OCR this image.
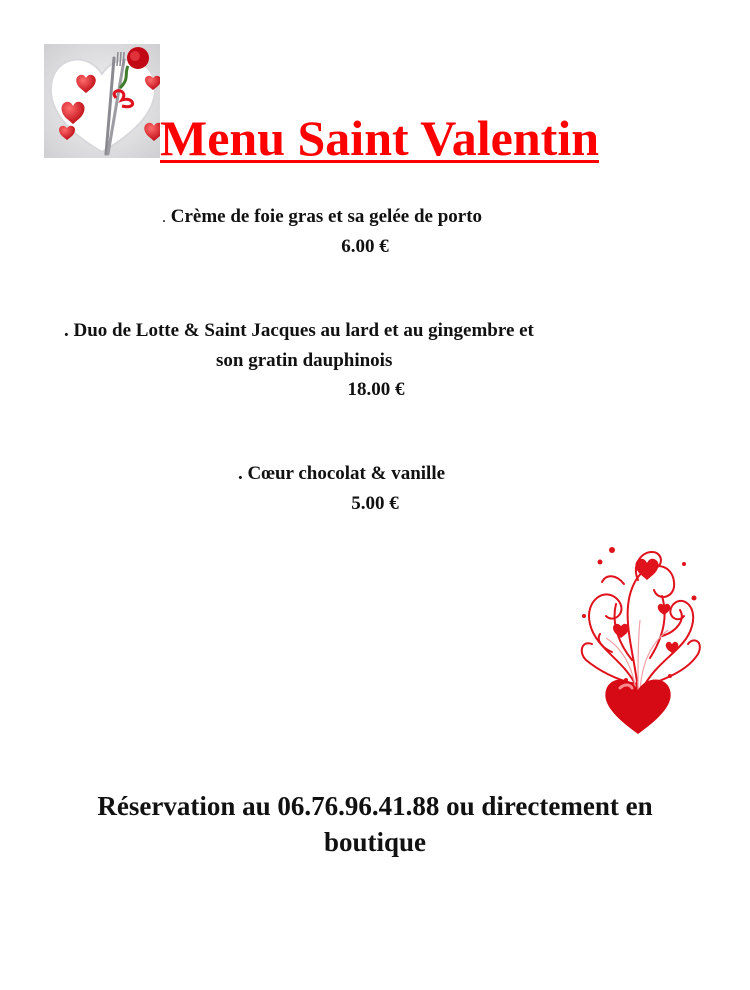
Menu Saint Valentin
. Crème de foie gras et sa gelée de porto
6.00 €
. Duo de Lotte & Saint Jacques au lard et au gingembre et
son gratin dauphinois
18.00 €
. Cœur chocolat & vanille
5.00 €
Réservation au 06.76.96.41.88 ou directement en
boutique
